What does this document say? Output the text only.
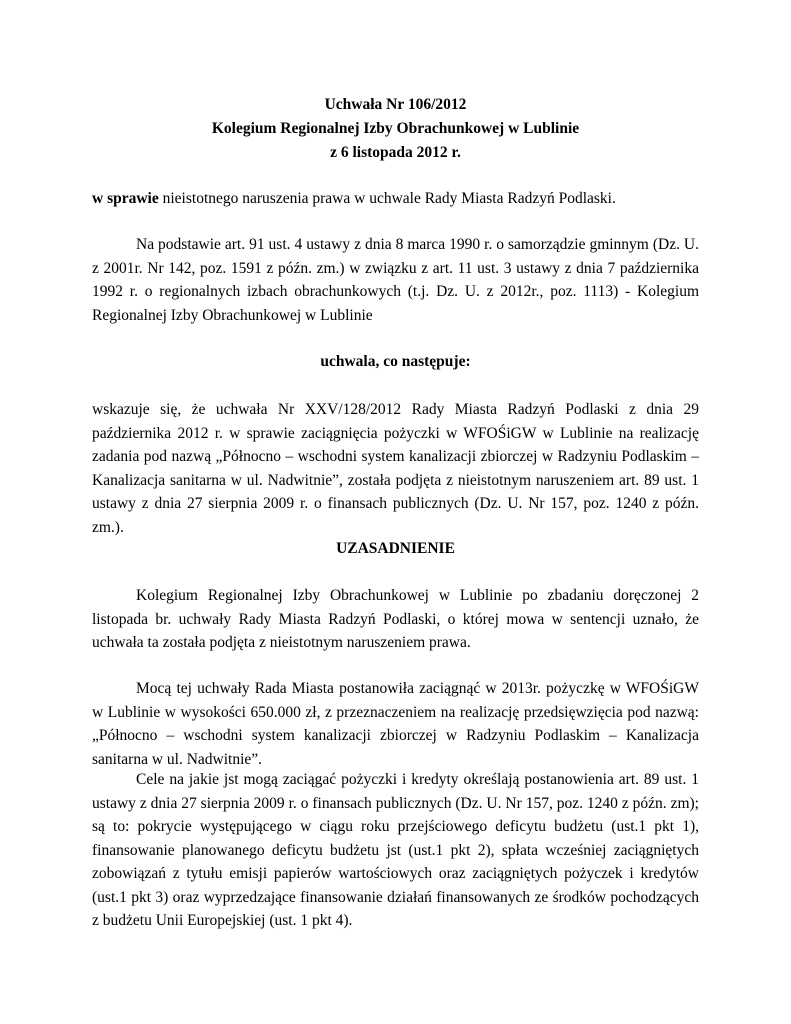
Uchwała Nr 106/2012

Kolegium Regionalnej Izby Obrachunkowej w Lublinie

z 6 listopada 2012 r.

w sprawie nieistotnego naruszenia prawa w uchwale Rady Miasta Radzyń Podlaski.

Na podstawie art. 91 ust. 4 ustawy z dnia 8 marca 1990 r. o samorządzie gminnym (Dz. U. z 2001r. Nr 142, poz. 1591 z późn. zm.) w związku z art. 11 ust. 3 ustawy z dnia 7 października 1992 r. o regionalnych izbach obrachunkowych (t.j. Dz. U. z 2012r., poz. 1113) - Kolegium Regionalnej Izby Obrachunkowej w Lublinie

uchwala, co następuje:

wskazuje się, że uchwała Nr XXV/128/2012 Rady Miasta Radzyń Podlaski z dnia 29 października 2012 r. w sprawie zaciągnięcia pożyczki w WFOŚiGW w Lublinie na realizację zadania pod nazwą „Północno – wschodni system kanalizacji zbiorczej w Radzyniu Podlaskim – Kanalizacja sanitarna w ul. Nadwitnie”, została podjęta z nieistotnym naruszeniem art. 89 ust. 1 ustawy z dnia 27 sierpnia 2009 r. o finansach publicznych (Dz. U. Nr 157, poz. 1240 z późn. zm.).

UZASADNIENIE

Kolegium Regionalnej Izby Obrachunkowej w Lublinie po zbadaniu doręczonej 2 listopada br. uchwały Rady Miasta Radzyń Podlaski, o której mowa w sentencji uznało, że uchwała ta została podjęta z nieistotnym naruszeniem prawa.

Mocą tej uchwały Rada Miasta postanowiła zaciągnąć w 2013r. pożyczkę w WFOŚiGW w Lublinie w wysokości 650.000 zł, z przeznaczeniem na realizację przedsięwzięcia pod nazwą: „Północno – wschodni system kanalizacji zbiorczej w Radzyniu Podlaskim – Kanalizacja sanitarna w ul. Nadwitnie”.

Cele na jakie jst mogą zaciągać pożyczki i kredyty określają postanowienia art. 89 ust. 1 ustawy z dnia 27 sierpnia 2009 r. o finansach publicznych (Dz. U. Nr 157, poz. 1240 z późn. zm); są to: pokrycie występującego w ciągu roku przejściowego deficytu budżetu (ust.1 pkt 1), finansowanie planowanego deficytu budżetu jst (ust.1 pkt 2), spłata wcześniej zaciągniętych zobowiązań z tytułu emisji papierów wartościowych oraz zaciągniętych pożyczek i kredytów (ust.1 pkt 3) oraz wyprzedzające finansowanie działań finansowanych ze środków pochodzących z budżetu Unii Europejskiej (ust. 1 pkt 4).
